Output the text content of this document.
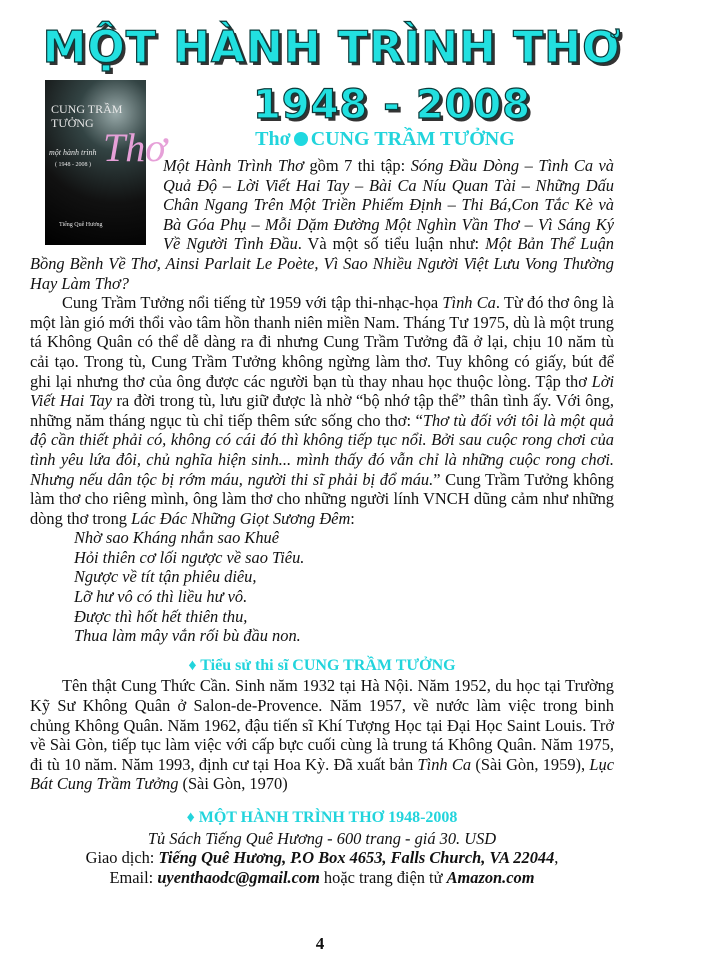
MỘT HÀNH TRÌNH THƠ
1948 - 2008
CUNG TRẦM TƯỞNG
Thơ
một hành trình
( 1948 - 2008 )
Tiếng Quê Hương
Thơ CUNG TRẦM TƯỞNG

Một Hành Trình Thơ gồm 7 thi tập: Sóng Đầu Dòng – Tình Ca và Quả Độ – Lời Viết Hai Tay – Bài Ca Níu Quan Tài – Những Dấu Chân Ngang Trên Một Triền Phiếm Định – Thi Bá,Con Tắc Kè và Bà Góa Phụ – Mỗi Dặm Đường Một Nghìn Vần Thơ – Vì Sáng Ký Về Người Tình Đầu. Và một số tiểu luận như: Một Bản Thể Luận Bồng Bềnh Về Thơ, Ainsi Parlait Le Poète, Vì Sao Nhiều Người Việt Lưu Vong Thường Hay Làm Thơ?

Cung Trầm Tưởng nổi tiếng từ 1959 với tập thi-nhạc-họa Tình Ca. Từ đó thơ ông là một làn gió mới thổi vào tâm hồn thanh niên miền Nam. Tháng Tư 1975, dù là một trung tá Không Quân có thể dễ dàng ra đi nhưng Cung Trầm Tưởng đã ở lại, chịu 10 năm tù cải tạo. Trong tù, Cung Trầm Tưởng không ngừng làm thơ. Tuy không có giấy, bút để ghi lại nhưng thơ của ông được các người bạn tù thay nhau học thuộc lòng. Tập thơ Lời Viết Hai Tay ra đời trong tù, lưu giữ được là nhờ “bộ nhớ tập thể” thân tình ấy. Với ông, những năm tháng ngục tù chỉ tiếp thêm sức sống cho thơ: “Thơ tù đối với tôi là một quả độ cần thiết phải có, không có cái đó thì không tiếp tục nổi. Bởi sau cuộc rong chơi của tình yêu lứa đôi, chủ nghĩa hiện sinh... mình thấy đó vẫn chỉ là những cuộc rong chơi. Nhưng nếu dân tộc bị rớm máu, người thi sĩ phải bị đổ máu.” Cung Trầm Tưởng không làm thơ cho riêng mình, ông làm thơ cho những người lính VNCH dũng cảm như những dòng thơ trong Lác Đác Những Giọt Sương Đêm:

Nhờ sao Kháng nhắn sao Khuê

Hỏi thiên cơ lối ngược về sao Tiêu.

Ngược về tít tận phiêu diêu,

Lỡ hư vô có thì liều hư vô.

Được thì hốt hết thiên thu,

Thua làm mây vắn rối bù đầu non.

♦ Tiểu sử thi sĩ CUNG TRẦM TƯỞNG

Tên thật Cung Thức Cần. Sinh năm 1932 tại Hà Nội. Năm 1952, du học tại Trường Kỹ Sư Không Quân ở Salon-de-Provence. Năm 1957, về nước làm việc trong binh chủng Không Quân. Năm 1962, đậu tiến sĩ Khí Tượng Học tại Đại Học Saint Louis. Trở về Sài Gòn, tiếp tục làm việc với cấp bực cuối cùng là trung tá Không Quân. Năm 1975, đi tù 10 năm. Năm 1993, định cư tại Hoa Kỳ. Đã xuất bản Tình Ca (Sài Gòn, 1959), Lục Bát Cung Trầm Tưởng (Sài Gòn, 1970)

♦ MỘT HÀNH TRÌNH THƠ 1948-2008

Tủ Sách Tiếng Quê Hương - 600 trang - giá 30. USD

Giao dịch: Tiếng Quê Hương, P.O Box 4653, Falls Church, VA 22044,

Email: uyenthaodc@gmail.com hoặc trang điện tử Amazon.com

4
